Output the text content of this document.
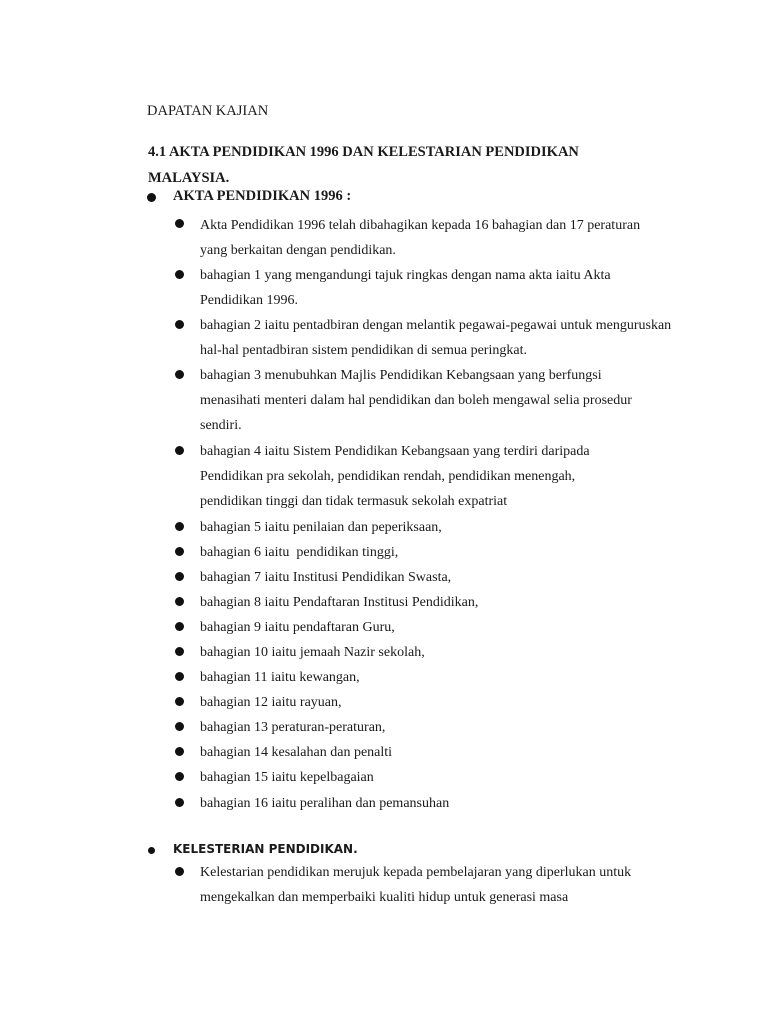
DAPATAN KAJIAN
4.1 AKTA PENDIDIKAN 1996 DAN KELESTARIAN PENDIDIKAN MALAYSIA.
AKTA PENDIDIKAN 1996 :
Akta Pendidikan 1996 telah dibahagikan kepada 16 bahagian dan 17 peraturan yang berkaitan dengan pendidikan.
bahagian 1 yang mengandungi tajuk ringkas dengan nama akta iaitu Akta Pendidikan 1996.
bahagian 2 iaitu pentadbiran dengan melantik pegawai-pegawai untuk menguruskan hal-hal pentadbiran sistem pendidikan di semua peringkat.
bahagian 3 menubuhkan Majlis Pendidikan Kebangsaan yang berfungsi menasihati menteri dalam hal pendidikan dan boleh mengawal selia prosedur sendiri.
bahagian 4 iaitu Sistem Pendidikan Kebangsaan yang terdiri daripada Pendidikan pra sekolah, pendidikan rendah, pendidikan menengah, pendidikan tinggi dan tidak termasuk sekolah expatriat
bahagian 5 iaitu penilaian dan peperiksaan,
bahagian 6 iaitu  pendidikan tinggi,
bahagian 7 iaitu Institusi Pendidikan Swasta,
bahagian 8 iaitu Pendaftaran Institusi Pendidikan,
bahagian 9 iaitu pendaftaran Guru,
bahagian 10 iaitu jemaah Nazir sekolah,
bahagian 11 iaitu kewangan,
bahagian 12 iaitu rayuan,
bahagian 13 peraturan-peraturan,
bahagian 14 kesalahan dan penalti
bahagian 15 iaitu kepelbagaian
bahagian 16 iaitu peralihan dan pemansuhan
KELESTERIAN PENDIDIKAN.
Kelestarian pendidikan merujuk kepada pembelajaran yang diperlukan untuk mengekalkan dan memperbaiki kualiti hidup untuk generasi masa
